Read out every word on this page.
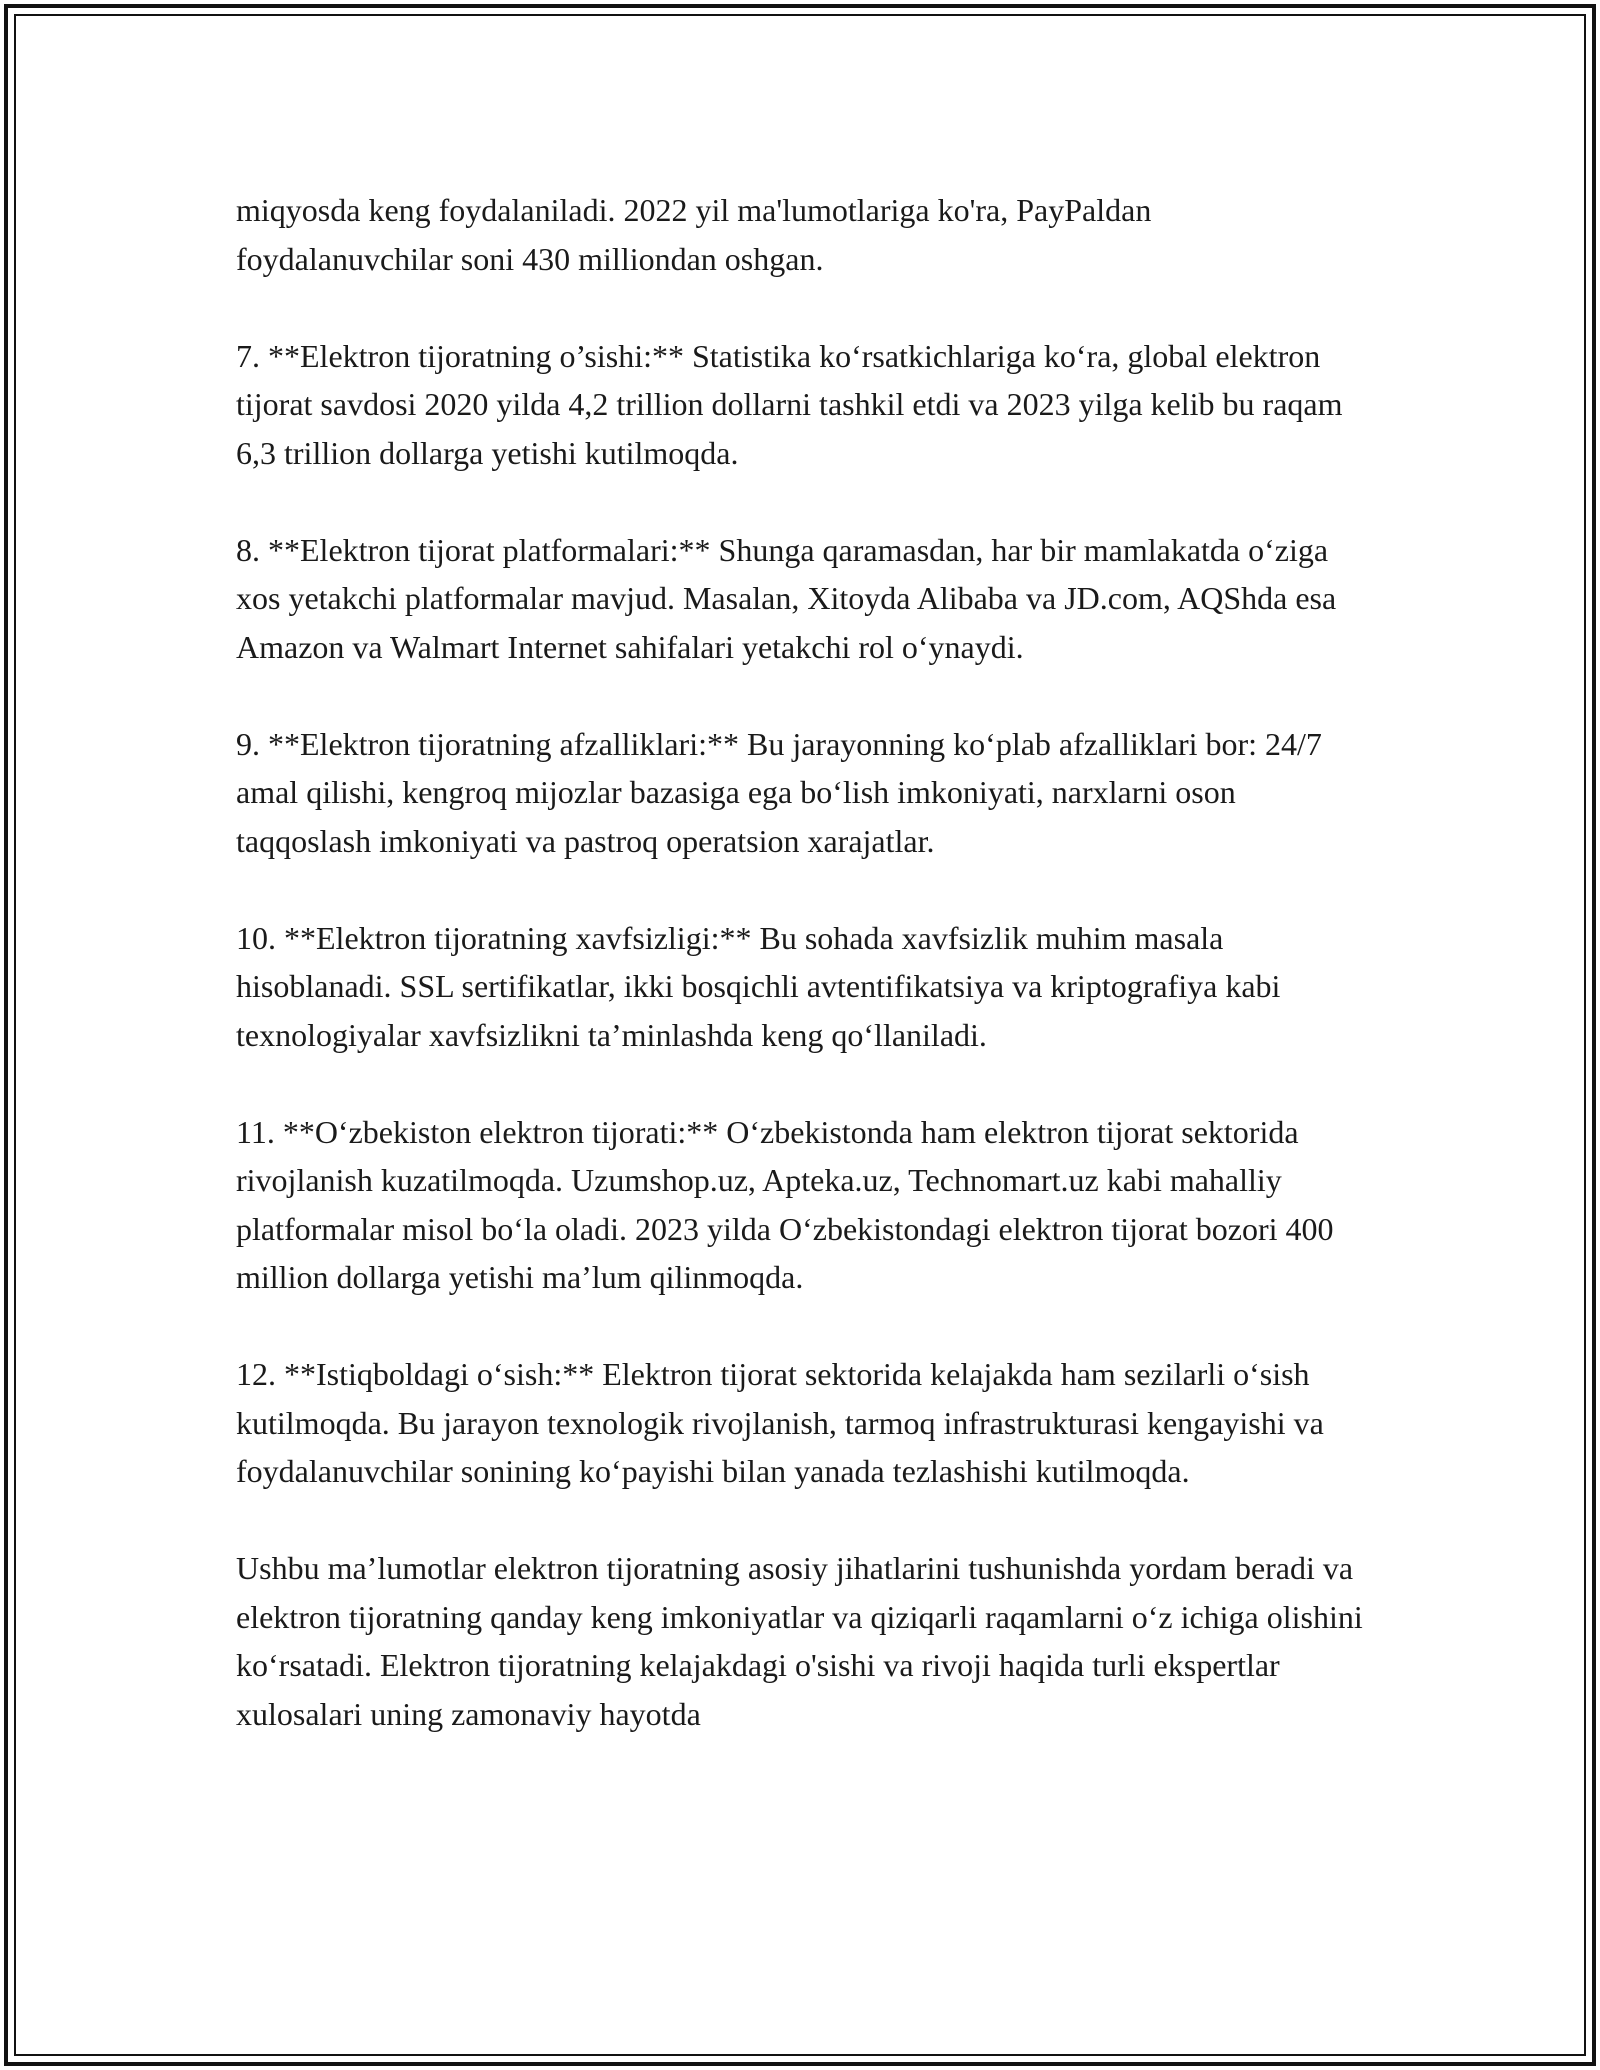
miqyosda keng foydalaniladi. 2022 yil ma'lumotlariga ko'ra, PayPaldan foydalanuvchilar soni 430 milliondan oshgan.

7. **Elektron tijoratning o’sishi:** Statistika ko‘rsatkichlariga ko‘ra, global elektron tijorat savdosi 2020 yilda 4,2 trillion dollarni tashkil etdi va 2023 yilga kelib bu raqam 6,3 trillion dollarga yetishi kutilmoqda.

8. **Elektron tijorat platformalari:** Shunga qaramasdan, har bir mamlakatda o‘ziga xos yetakchi platformalar mavjud. Masalan, Xitoyda Alibaba va JD.com, AQShda esa Amazon va Walmart Internet sahifalari yetakchi rol o‘ynaydi.

9. **Elektron tijoratning afzalliklari:** Bu jarayonning ko‘plab afzalliklari bor: 24/7 amal qilishi, kengroq mijozlar bazasiga ega bo‘lish imkoniyati, narxlarni oson taqqoslash imkoniyati va pastroq operatsion xarajatlar.

10. **Elektron tijoratning xavfsizligi:** Bu sohada xavfsizlik muhim masala hisoblanadi. SSL sertifikatlar, ikki bosqichli avtentifikatsiya va kriptografiya kabi texnologiyalar xavfsizlikni ta’minlashda keng qo‘llaniladi.

11. **O‘zbekiston elektron tijorati:** O‘zbekistonda ham elektron tijorat sektorida rivojlanish kuzatilmoqda. Uzumshop.uz, Apteka.uz, Technomart.uz kabi mahalliy platformalar misol bo‘la oladi. 2023 yilda O‘zbekistondagi elektron tijorat bozori 400 million dollarga yetishi ma’lum qilinmoqda.

12. **Istiqboldagi o‘sish:** Elektron tijorat sektorida kelajakda ham sezilarli o‘sish kutilmoqda. Bu jarayon texnologik rivojlanish, tarmoq infrastrukturasi kengayishi va foydalanuvchilar sonining ko‘payishi bilan yanada tezlashishi kutilmoqda.

Ushbu ma’lumotlar elektron tijoratning asosiy jihatlarini tushunishda yordam beradi va elektron tijoratning qanday keng imkoniyatlar va qiziqarli raqamlarni o‘z ichiga olishini ko‘rsatadi. Elektron tijoratning kelajakdagi o'sishi va rivoji haqida turli ekspertlar xulosalari uning zamonaviy hayotda
